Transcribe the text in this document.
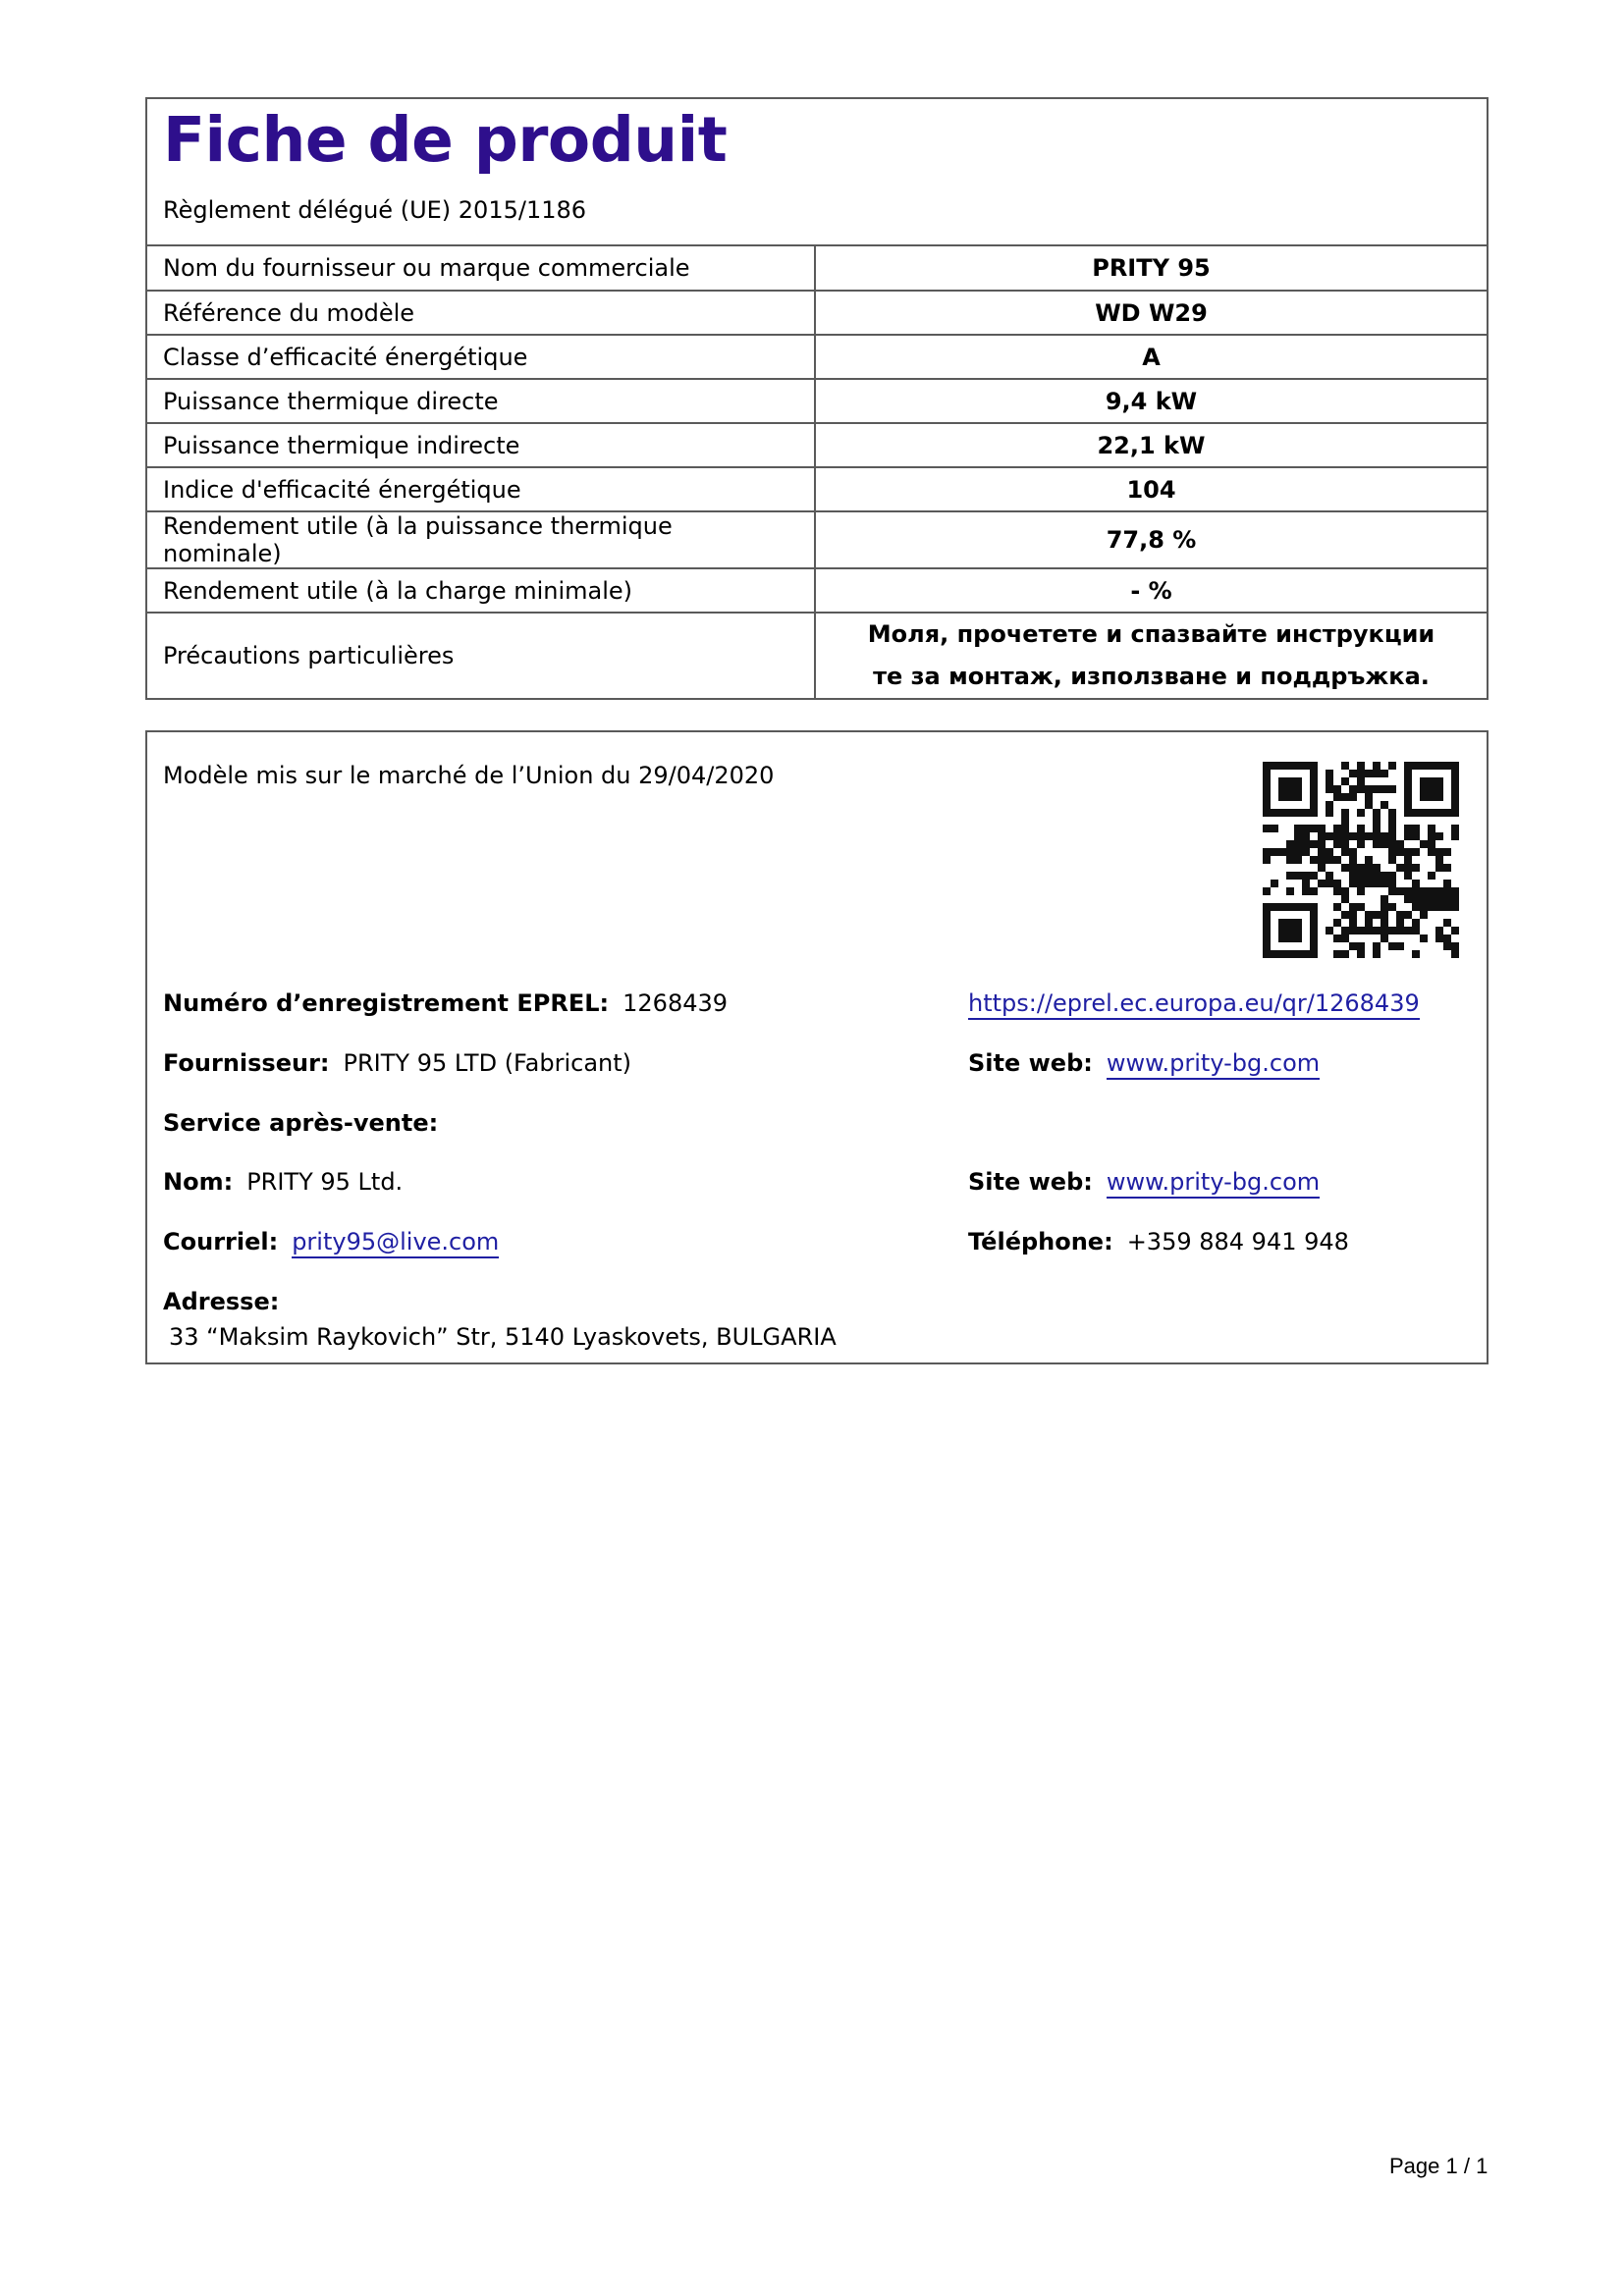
Fiche de produit
Règlement délégué (UE) 2015/1186
Nom du fournisseur ou marque commerciale	PRITY 95
Référence du modèle	WD W29
Classe d’efficacité énergétique	A
Puissance thermique directe	9,4 kW
Puissance thermique indirecte	22,1 kW
Indice d'efficacité énergétique	104
Rendement utile (à la puissance thermique nominale)	77,8 %
Rendement utile (à la charge minimale)	- %
Précautions particulières	Моля, прочетете и спазвайте инструкции
те за монтаж, използване и поддръжка.
Modèle mis sur le marché de l’Union du 29/04/2020
Numéro d’enregistrement EPREL: 1268439	https://eprel.ec.europa.eu/qr/1268439
Fournisseur: PRITY 95 LTD (Fabricant)	Site web: www.prity-bg.com
Service après-vente:
Nom: PRITY 95 Ltd.	Site web: www.prity-bg.com
Courriel: prity95@live.com	Téléphone: +359 884 941 948
Adresse:
33 “Maksim Raykovich” Str, 5140 Lyaskovets, BULGARIA
Page 1 / 1
